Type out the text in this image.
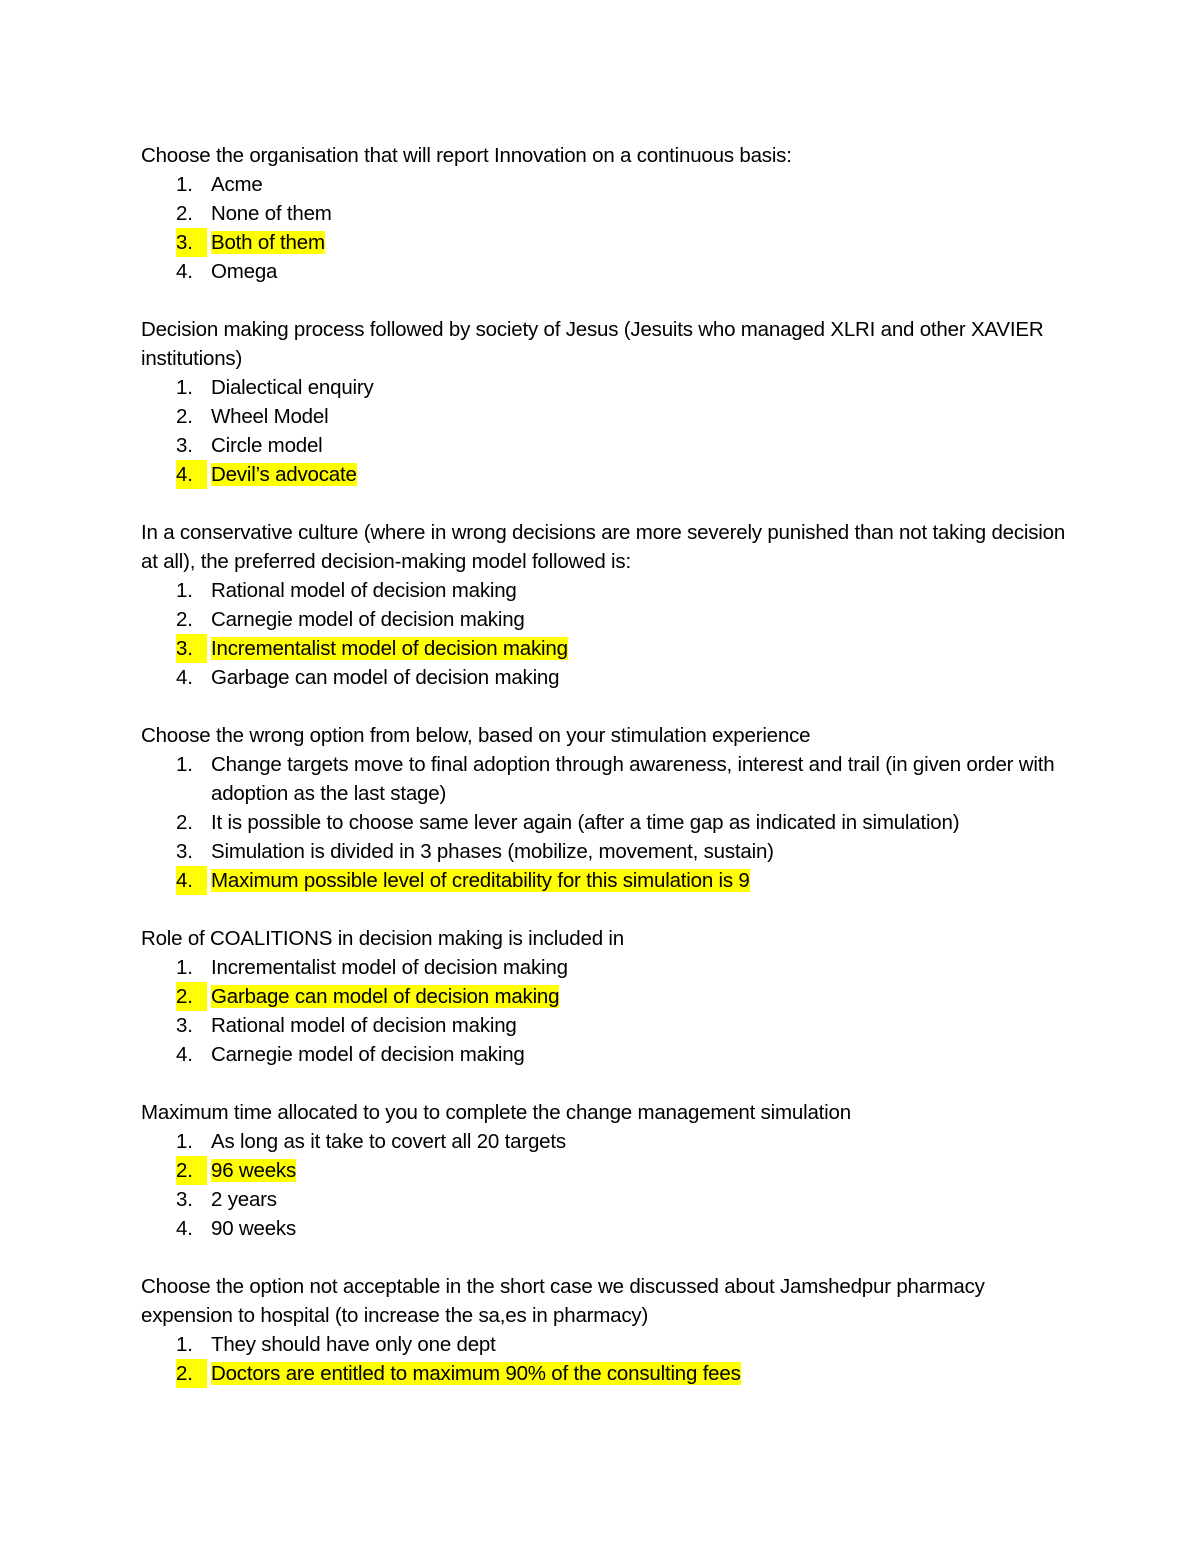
Choose the organisation that will report Innovation on a continuous basis:

1. Acme
2. None of them
3. Both of them
4. Omega

Decision making process followed by society of Jesus (Jesuits who managed XLRI and other XAVIER institutions)

1. Dialectical enquiry
2. Wheel Model
3. Circle model
4. Devil’s advocate

In a conservative culture (where in wrong decisions are more severely punished than not taking decision at all), the preferred decision-making model followed is:

1. Rational model of decision making
2. Carnegie model of decision making
3. Incrementalist model of decision making
4. Garbage can model of decision making

Choose the wrong option from below, based on your stimulation experience

1. Change targets move to final adoption through awareness, interest and trail (in given order with adoption as the last stage)
2. It is possible to choose same lever again (after a time gap as indicated in simulation)
3. Simulation is divided in 3 phases (mobilize, movement, sustain)
4. Maximum possible level of creditability for this simulation is 9

Role of COALITIONS in decision making is included in

1. Incrementalist model of decision making
2. Garbage can model of decision making
3. Rational model of decision making
4. Carnegie model of decision making

Maximum time allocated to you to complete the change management simulation

1. As long as it take to covert all 20 targets
2. 96 weeks
3. 2 years
4. 90 weeks

Choose the option not acceptable in the short case we discussed about Jamshedpur pharmacy expension to hospital (to increase the sa,es in pharmacy)

1. They should have only one dept
2. Doctors are entitled to maximum 90% of the consulting fees
